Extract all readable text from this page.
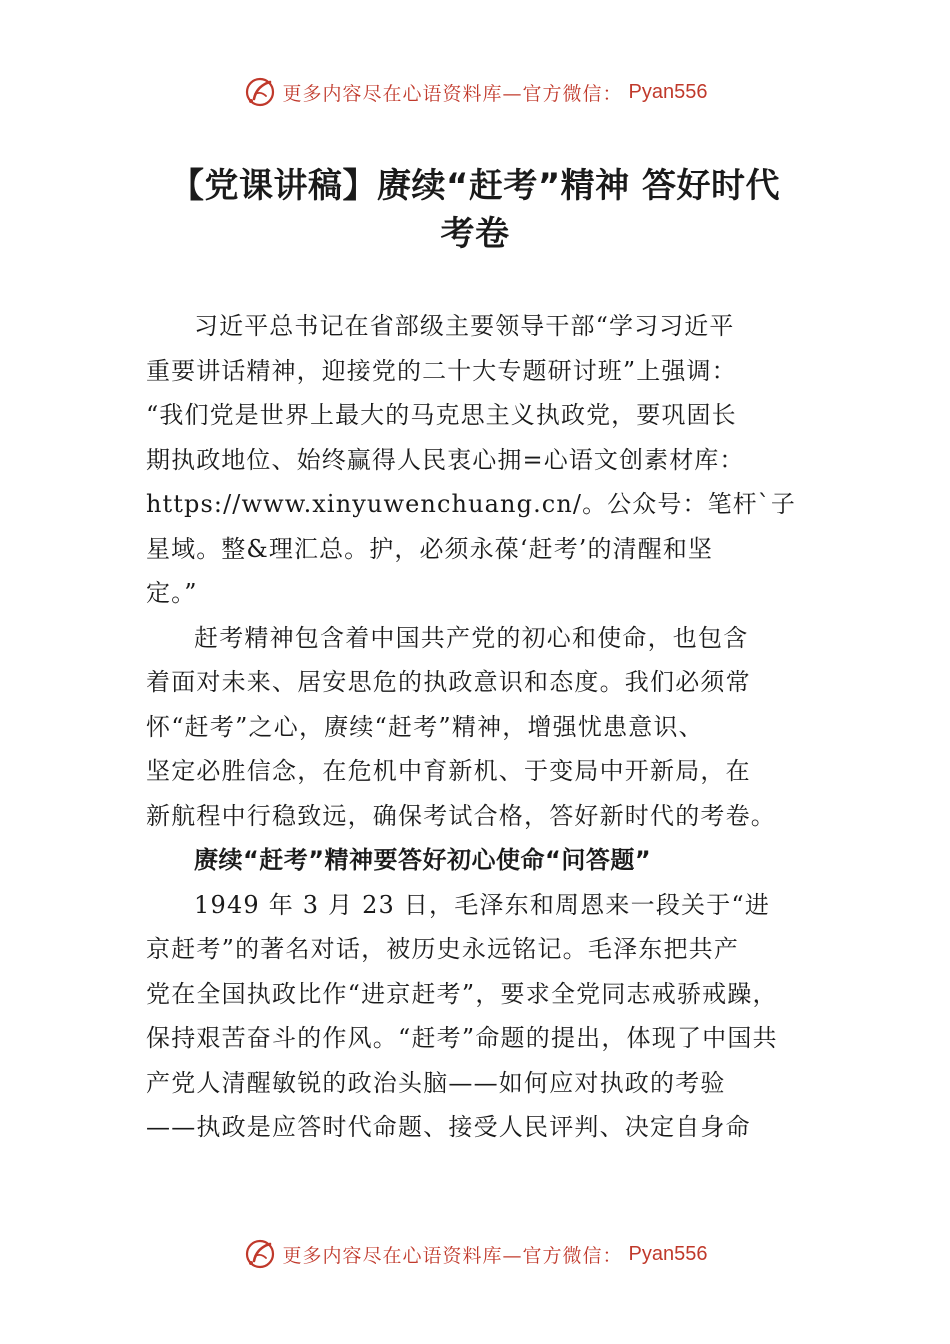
更多内容尽在心语资料库—官方微信： Pyan556
【党课讲稿】赓续“赶考”精神 答好时代
考卷

习近平总书记在省部级主要领导干部“学习习近平
重要讲话精神，迎接党的二十大专题研讨班”上强调：
“我们党是世界上最大的马克思主义执政党，要巩固长
期执政地位、始终赢得人民衷心拥=心语文创素材库：
https://www.xinyuwenchuang.cn/。公众号：笔杆`子
星域。整&理汇总。护，必须永葆‘赶考’的清醒和坚
定。”

赶考精神包含着中国共产党的初心和使命，也包含
着面对未来、居安思危的执政意识和态度。我们必须常
怀“赶考”之心，赓续“赶考”精神，增强忧患意识、
坚定必胜信念，在危机中育新机、于变局中开新局，在
新航程中行稳致远，确保考试合格，答好新时代的考卷。

赓续“赶考”精神要答好初心使命“问答题”

1949 年 3 月 23 日，毛泽东和周恩来一段关于“进
京赶考”的著名对话，被历史永远铭记。毛泽东把共产
党在全国执政比作“进京赶考”，要求全党同志戒骄戒躁，
保持艰苦奋斗的作风。“赶考”命题的提出，体现了中国共
产党人清醒敏锐的政治头脑——如何应对执政的考验
——执政是应答时代命题、接受人民评判、决定自身命

更多内容尽在心语资料库—官方微信： Pyan556
